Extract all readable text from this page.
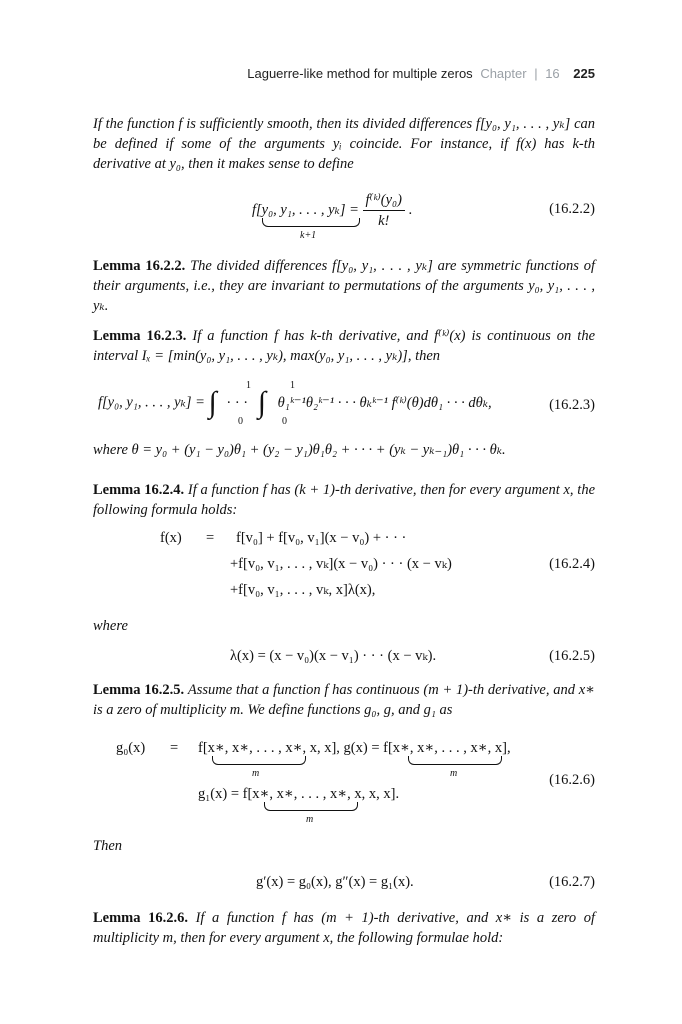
Laguerre-like method for multiple zeros Chapter | 16 225
If the function f is sufficiently smooth, then its divided differences f[y₀, y₁, . . . , yₖ] can be defined if some of the arguments yᵢ coincide. For instance, if f(x) has k-th derivative at y₀, then it makes sense to define
f[y₀, y₁, . . . , $y_k] = \frac{\text{f⁽ᵏ⁾(y₀)}}{k!}$ .
k+1
(16.2.2)
Lemma 16.2.2. The divided differences f[y₀, y₁, . . . , yₖ] are symmetric functions of their arguments, i.e., they are invariant to permutations of the arguments y₀, y₁, . . . , yₖ.
Lemma 16.2.3. If a function f has k-th derivative, and f⁽ᵏ⁾(x) is continuous on the interval Iₓ = [min(y₀, y₁, . . . , yₖ), max(y₀, y₁, . . . , yₖ)], then
f[y₀, y₁, . . . , yₖ] = ∫ · · · ∫ θ₁ᵏ⁻¹θ₂ᵏ⁻¹ · · · θₖᵏ⁻¹ f⁽ᵏ⁾(θ)dθ₁ · · · dθₖ,
1
0
1
0
(16.2.3)
where θ = y₀ + (y₁ − y₀)θ₁ + (y₂ − y₁)θ₁θ₂ + · · · + (yₖ − yₖ₋₁)θ₁ · · · θₖ.
Lemma 16.2.4. If a function f has (k + 1)-th derivative, then for every argument x, the following formula holds:
f(x) = f[v₀] + f[v₀, v₁](x − v₀) + · · ·
+f[v₀, v₁, . . . , vₖ](x − v₀) · · · (x − vₖ)
+f[v₀, v₁, . . . , vₖ, x]λ(x),
(16.2.4)
where
λ(x) = (x − v₀)(x − v₁) · · · (x − vₖ).	(16.2.5)
Lemma 16.2.5. Assume that a function f has continuous (m + 1)-th derivative, and x∗ is a zero of multiplicity m. We define functions g₀, g, and g₁ as
g₀(x) = f[x∗, x∗, . . . , x∗, x, x], g(x) = f[x∗, x∗, . . . , x∗, x],
m	m
g₁(x) = f[x∗, x∗, . . . , x∗, x, x, x].
m
(16.2.6)
Then
g′(x) = g₀(x), g″(x) = g₁(x).	(16.2.7)
Lemma 16.2.6. If a function f has (m + 1)-th derivative, and x∗ is a zero of multiplicity m, then for every argument x, the following formulae hold:
